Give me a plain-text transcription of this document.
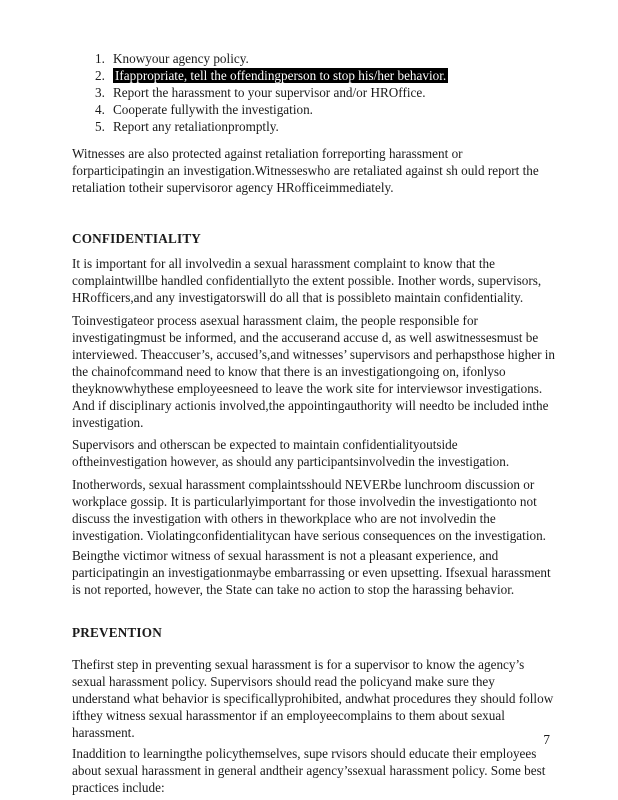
1. Knowyour agency policy.
2. Ifappropriate, tell the offendingperson to stop his/her behavior.
3. Report the harassment to your supervisor and/or HROffice.
4. Cooperate fullywith the investigation.
5. Report any retaliationpromptly.

Witnesses are also protected against retaliation forreporting harassment or forparticipatingin an investigation.Witnesseswho are retaliated against sh ould report the retaliation totheir supervisoror agency HRofficeimmediately.

CONFIDENTIALITY

It is important for all involvedin a sexual harassment complaint to know that the complaintwillbe handled confidentiallyto the extent possible. Inother words, supervisors, HRofficers,and any investigatorswill do all that is possibleto maintain confidentiality.

Toinvestigateor process asexual harassment claim, the people responsible for investigatingmust be informed, and the accuserand accuse d, as well aswitnessesmust be interviewed. Theaccuser’s, accused’s,and witnesses’ supervisors and perhapsthose higher in the chainofcommand need to know that there is an investigationgoing on, ifonlyso theyknowwhythese employeesneed to leave the work site for interviewsor investigations. And if disciplinary actionis involved,the appointingauthority will needto be included inthe investigation.

Supervisors and otherscan be expected to maintain confidentialityoutside oftheinvestigation however, as should any participantsinvolvedin the investigation.

Inotherwords, sexual harassment complaintsshould NEVERbe lunchroom discussion or workplace gossip. It is particularlyimportant for those involvedin the investigationto not discuss the investigation with others in theworkplace who are not involvedin the investigation. Violatingconfidentialitycan have serious consequences on the investigation.

Beingthe victimor witness of sexual harassment is not a pleasant experience, and participatingin an investigationmaybe embarrassing or even upsetting. Ifsexual harassment is not reported, however, the State can take no action to stop the harassing behavior.

PREVENTION

Thefirst step in preventing sexual harassment is for a supervisor to know the agency’s sexual harassment policy. Supervisors should read the policyand make sure they understand what behavior is specificallyprohibited, andwhat procedures they should follow ifthey witness sexual harassmentor if an employeecomplains to them about sexual harassment.

Inaddition to learningthe policythemselves, supe rvisors should educate their employees about sexual harassment in general andtheir agency’ssexual harassment policy. Some best practices include:

7
